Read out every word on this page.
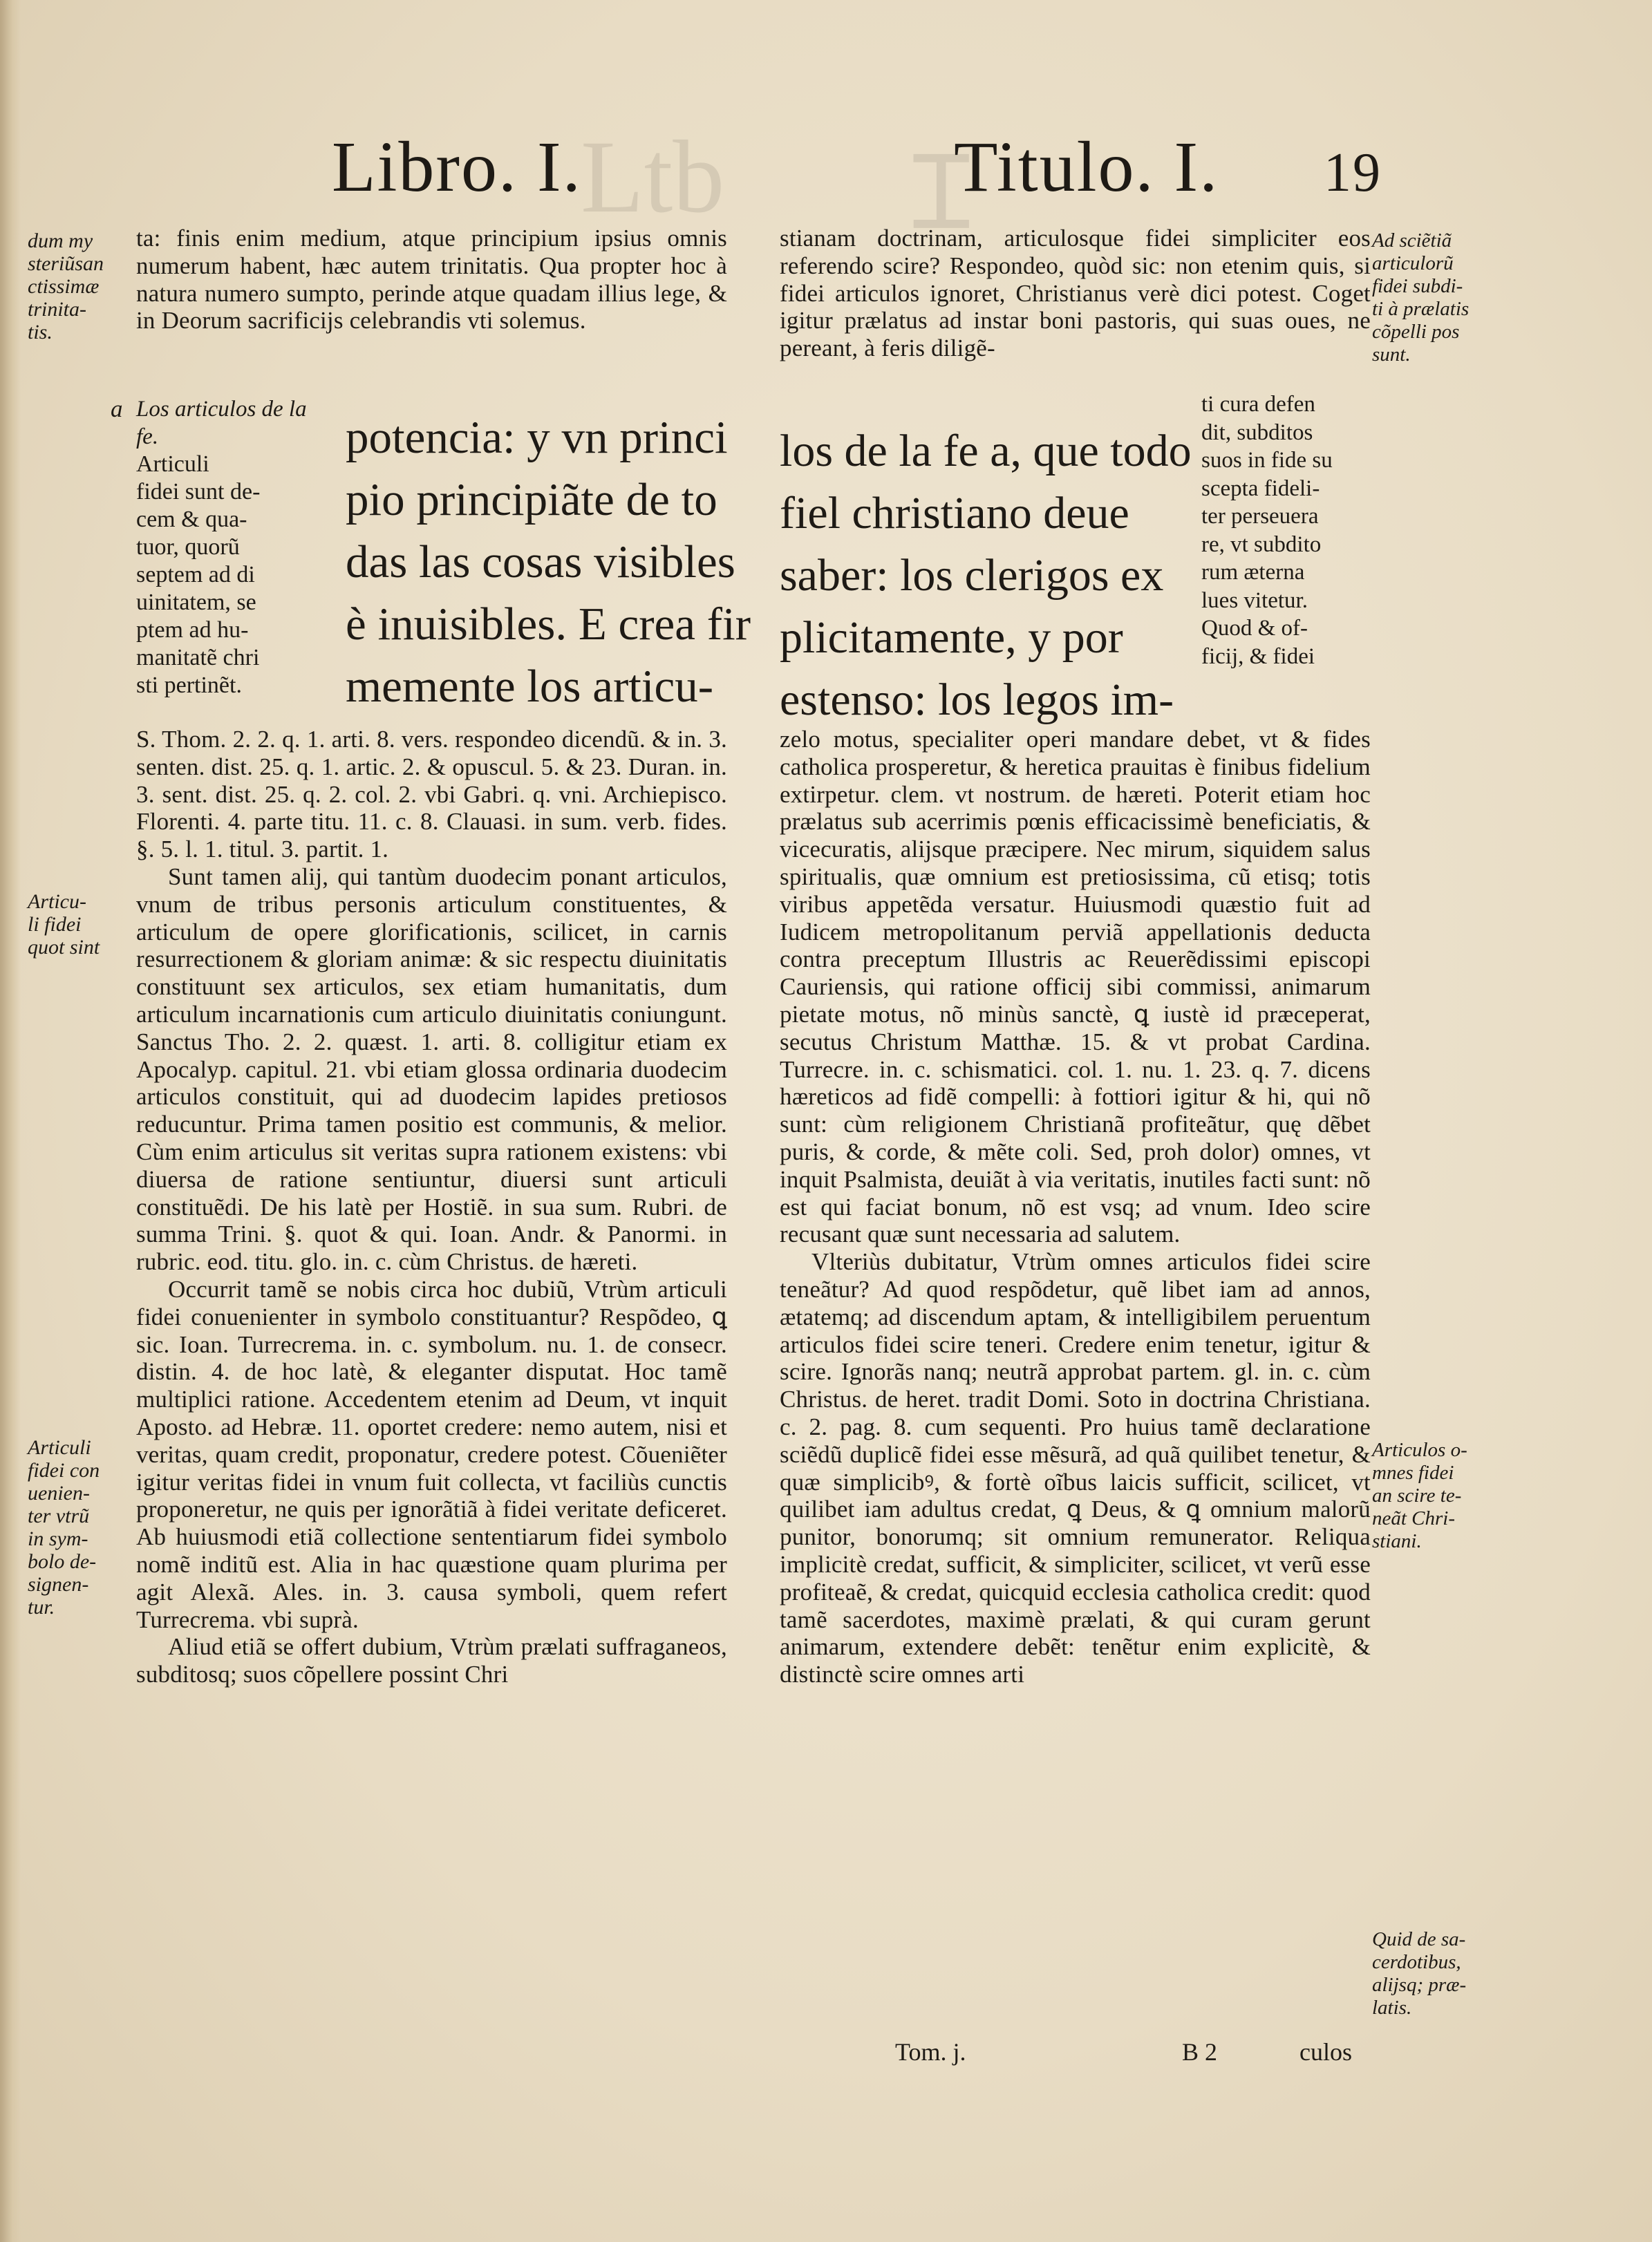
Ltb Ɪ
Libro. I.	Titulo. I. 19
dum my
steriũsan
ctissimæ
trinita-
tis.
Articu-
li fidei
quot sint
Articuli
fidei con
uenien-
ter vtrũ
in sym-
bolo de-
signen-
tur.
Ad sciẽtiã
articulorũ
fidei subdi-
ti à prælatis
cõpelli pos
sunt.
Articulos o-
mnes fidei
an scire te-
neãt Chri-
stiani.
Quid de sa-
cerdotibus,
alijsq; præ-
latis.

ta: finis enim medium, atque principium ipsius omnis numerum habent, hæc autem trinitatis. Qua propter hoc à natura numero sumpto, perinde atque quadam illius lege, & in Deorum sacrificijs celebrandis vti solemus.

a Los articulos de la fe.
Articuli
fidei sunt de-
cem & qua-
tuor, quorũ
septem ad di
uinitatem, se
ptem ad hu-
manitatẽ chri
sti pertinẽt.
potencia: y vn princi
pio principiãte de to
das las cosas visibles
è inuisibles. E crea fir
memente los articu-

S. Thom. 2. 2. q. 1. arti. 8. vers. respondeo dicendũ. & in. 3. senten. dist. 25. q. 1. artic. 2. & opuscul. 5. & 23. Duran. in. 3. sent. dist. 25. q. 2. col. 2. vbi Gabri. q. vni. Archiepisco. Florenti. 4. parte titu. 11. c. 8. Clauasi. in sum. verb. fides. §. 5. l. 1. titul. 3. partit. 1.

Sunt tamen alij, qui tantùm duodecim ponant articulos, vnum de tribus personis articulum constituentes, & articulum de opere glorificationis, scilicet, in carnis resurrectionem & gloriam animæ: & sic respectu diuinitatis constituunt sex articulos, sex etiam humanitatis, dum articulum incarnationis cum articulo diuinitatis coniungunt. Sanctus Tho. 2. 2. quæst. 1. arti. 8. colligitur etiam ex Apocalyp. capitul. 21. vbi etiam glossa ordinaria duodecim articulos constituit, qui ad duodecim lapides pretiosos reducuntur. Prima tamen positio est communis, & melior. Cùm enim articulus sit veritas supra rationem existens: vbi diuersa de ratione sentiuntur, diuersi sunt articuli constituẽdi. De his latè per Hostiẽ. in sua sum. Rubri. de summa Trini. §. quot & qui. Ioan. Andr. & Panormi. in rubric. eod. titu. glo. in. c. cùm Christus. de hæreti.

Occurrit tamẽ se nobis circa hoc dubiũ, Vtrùm articuli fidei conuenienter in symbolo constituantur? Respõdeo, ꝗ sic. Ioan. Turrecrema. in. c. symbolum. nu. 1. de consecr. distin. 4. de hoc latè, & eleganter disputat. Hoc tamẽ multiplici ratione. Accedentem etenim ad Deum, vt inquit Aposto. ad Hebræ. 11. oportet credere: nemo autem, nisi et veritas, quam credit, proponatur, credere potest. Cõueniẽter igitur veritas fidei in vnum fuit collecta, vt faciliùs cunctis proponeretur, ne quis per ignorãtiã à fidei veritate deficeret. Ab huiusmodi etiã collectione sententiarum fidei symbolo nomẽ inditũ est. Alia in hac quæstione quam plurima per agit Alexã. Ales. in. 3. causa symboli, quem refert Turrecrema. vbi suprà.

Aliud etiã se offert dubium, Vtrùm prælati suffraganeos, subditosq; suos cõpellere possint Chri

stianam doctrinam, articulosque fidei simpliciter eos referendo scire? Respondeo, quòd sic: non etenim quis, si fidei articulos ignoret, Christianus verè dici potest. Coget igitur prælatus ad instar boni pastoris, qui suas oues, ne pereant, à feris diligẽ-

ti cura defen
dit, subditos
suos in fide su
scepta fideli-
ter perseuera
re, vt subdito
rum æterna
lues vitetur.
Quod & of-
ficij, & fidei
los de la fe a, que todo
fiel christiano deue
saber: los clerigos ex
plicitamente, y por
estenso: los legos im-

zelo motus, specialiter operi mandare debet, vt & fides catholica prosperetur, & heretica prauitas è finibus fidelium extirpetur. clem. vt nostrum. de hæreti. Poterit etiam hoc prælatus sub acerrimis pœnis efficacissimè beneficiatis, & vicecuratis, alijsque præcipere. Nec mirum, siquidem salus spiritualis, quæ omnium est pretiosissima, cũ etisq; totis viribus appetẽda versatur. Huiusmodi quæstio fuit ad Iudicem metropolitanum perviã appellationis deducta contra preceptum Illustris ac Reuerẽdissimi episcopi Cauriensis, qui ratione officij sibi commissi, animarum pietate motus, nõ minùs sanctè, ꝗ iustè id præceperat, secutus Christum Matthæ. 15. & vt probat Cardina. Turrecre. in. c. schismatici. col. 1. nu. 1. 23. q. 7. dicens hæreticos ad fidẽ compelli: à fottiori igitur & hi, qui nõ sunt: cùm religionem Christianã profiteãtur, quę dẽbet puris, & corde, & mẽte coli. Sed, proh dolor) omnes, vt inquit Psalmista, deuiãt à via veritatis, inutiles facti sunt: nõ est qui faciat bonum, nõ est vsq; ad vnum. Ideo scire recusant quæ sunt necessaria ad salutem.

Vlteriùs dubitatur, Vtrùm omnes articulos fidei scire teneãtur? Ad quod respõdetur, quẽ libet iam ad annos, ætatemq; ad discendum aptam, & intelligibilem peruentum articulos fidei scire teneri. Credere enim tenetur, igitur & scire. Ignorãs nanq; neutrã approbat partem. gl. in. c. cùm Christus. de heret. tradit Domi. Soto in doctrina Christiana. c. 2. pag. 8. cum sequenti. Pro huius tamẽ declaratione sciẽdũ duplicẽ fidei esse mẽsurã, ad quã quilibet tenetur, & quæ simplicibꝰ, & fortè oĩbus laicis sufficit, scilicet, vt quilibet iam adultus credat, ꝗ Deus, & ꝗ omnium malorũ punitor, bonorumq; sit omnium remunerator. Reliqua implicitè credat, sufficit, & simpliciter, scilicet, vt verũ esse profiteaẽ, & credat, quicquid ecclesia catholica credit: quod tamẽ sacerdotes, maximè prælati, & qui curam gerunt animarum, extendere debẽt: tenẽtur enim explicitè, & distinctè scire omnes arti

Tom. j.	B 2	culos
